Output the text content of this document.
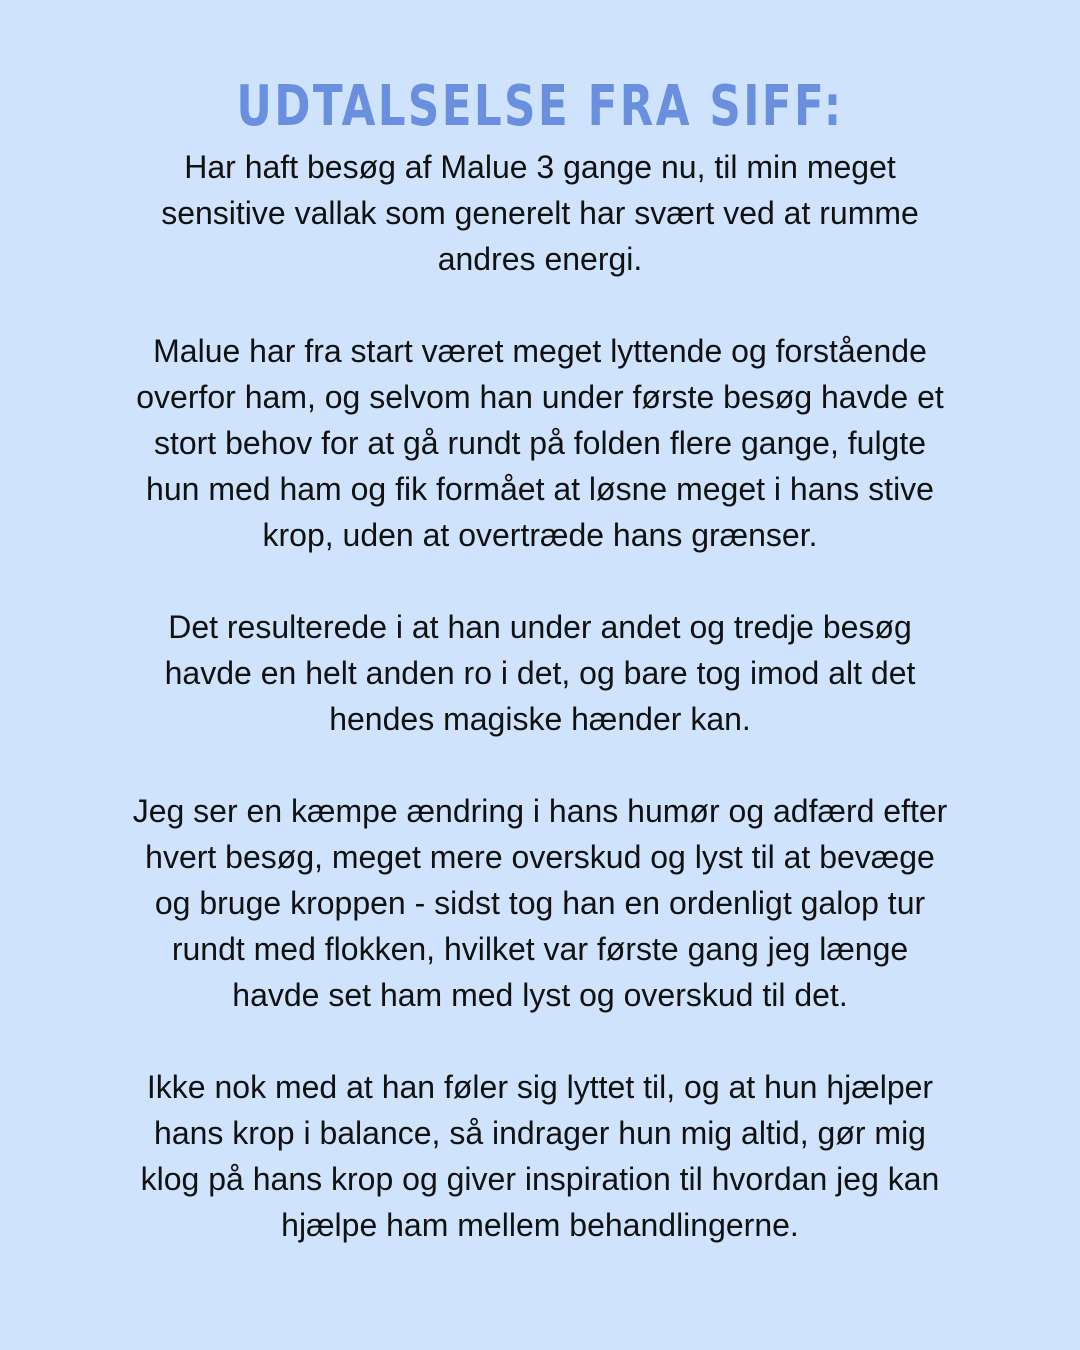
UDTALSELSE FRA SIFF:
Har haft besøg af Malue 3 gange nu, til min meget
sensitive vallak som generelt har svært ved at rumme
andres energi.
Malue har fra start været meget lyttende og forstående
overfor ham, og selvom han under første besøg havde et
stort behov for at gå rundt på folden flere gange, fulgte
hun med ham og fik formået at løsne meget i hans stive
krop, uden at overtræde hans grænser.
Det resulterede i at han under andet og tredje besøg
havde en helt anden ro i det, og bare tog imod alt det
hendes magiske hænder kan.
Jeg ser en kæmpe ændring i hans humør og adfærd efter
hvert besøg, meget mere overskud og lyst til at bevæge
og bruge kroppen - sidst tog han en ordenligt galop tur
rundt med flokken, hvilket var første gang jeg længe
havde set ham med lyst og overskud til det.
Ikke nok med at han føler sig lyttet til, og at hun hjælper
hans krop i balance, så indrager hun mig altid, gør mig
klog på hans krop og giver inspiration til hvordan jeg kan
hjælpe ham mellem behandlingerne.
